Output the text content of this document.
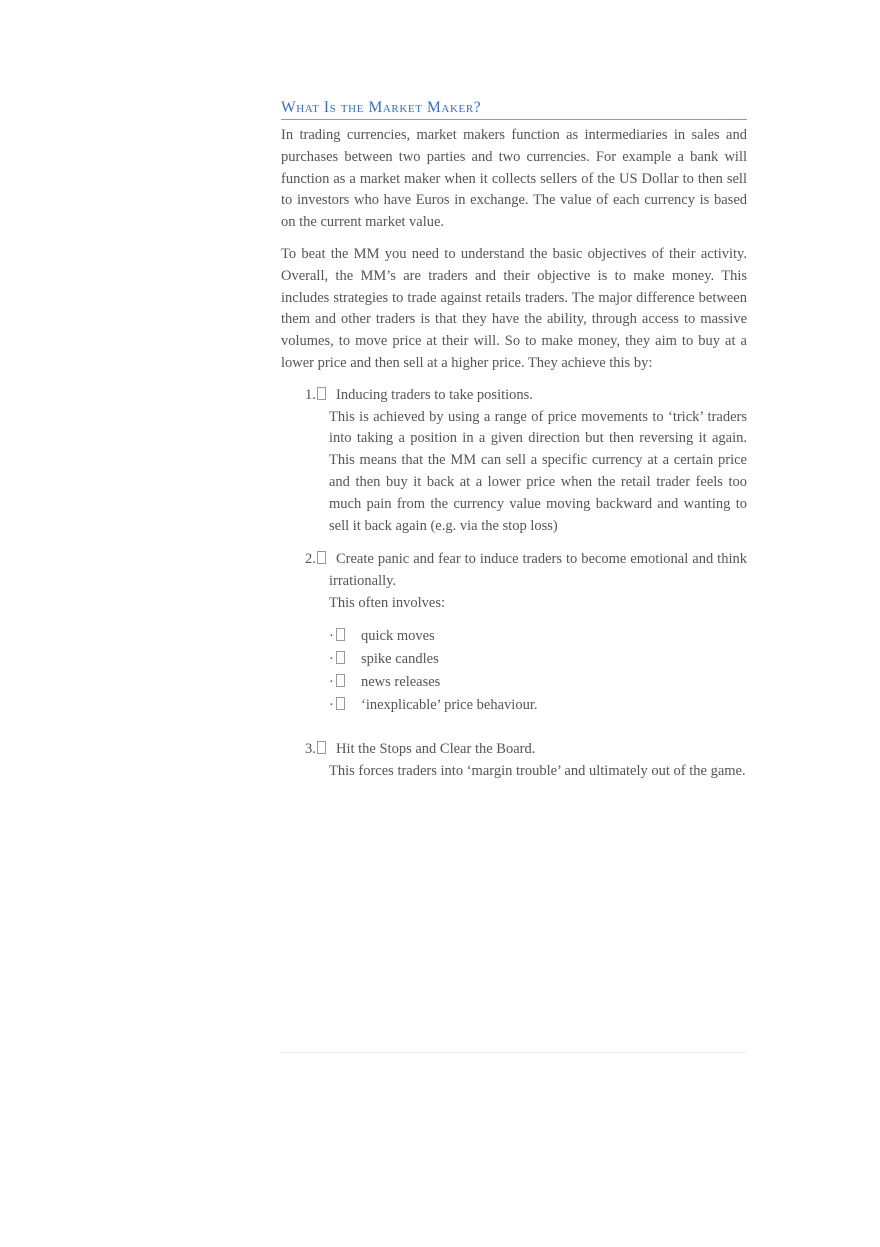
What Is the Market Maker?

In trading currencies, market makers function as intermediaries in sales and purchases between two parties and two currencies. For example a bank will function as a market maker when it collects sellers of the US Dollar to then sell to investors who have Euros in exchange. The value of each currency is based on the current market value.

To beat the MM you need to understand the basic objectives of their activity. Overall, the MM’s are traders and their objective is to make money. This includes strategies to trade against retails traders. The major difference between them and other traders is that they have the ability, through access to massive volumes, to move price at their will. So to make money, they aim to buy at a lower price and then sell at a higher price. They achieve this by:

1.	Inducing traders to take positions.
This is achieved by using a range of price movements to ‘trick’ traders into taking a position in a given direction but then reversing it again. This means that the MM can sell a specific currency at a certain price and then buy it back at a lower price when the retail trader feels too much pain from the currency value moving backward and wanting to sell it back again (e.g. via the stop loss)
2.	Create panic and fear to induce traders to become emotional and think irrationally.
This often involves:
·	quick moves
·	spike candles
·	news releases
·	‘inexplicable’ price behaviour.
3.	Hit the Stops and Clear the Board.
This forces traders into ‘margin trouble’ and ultimately out of the game.
